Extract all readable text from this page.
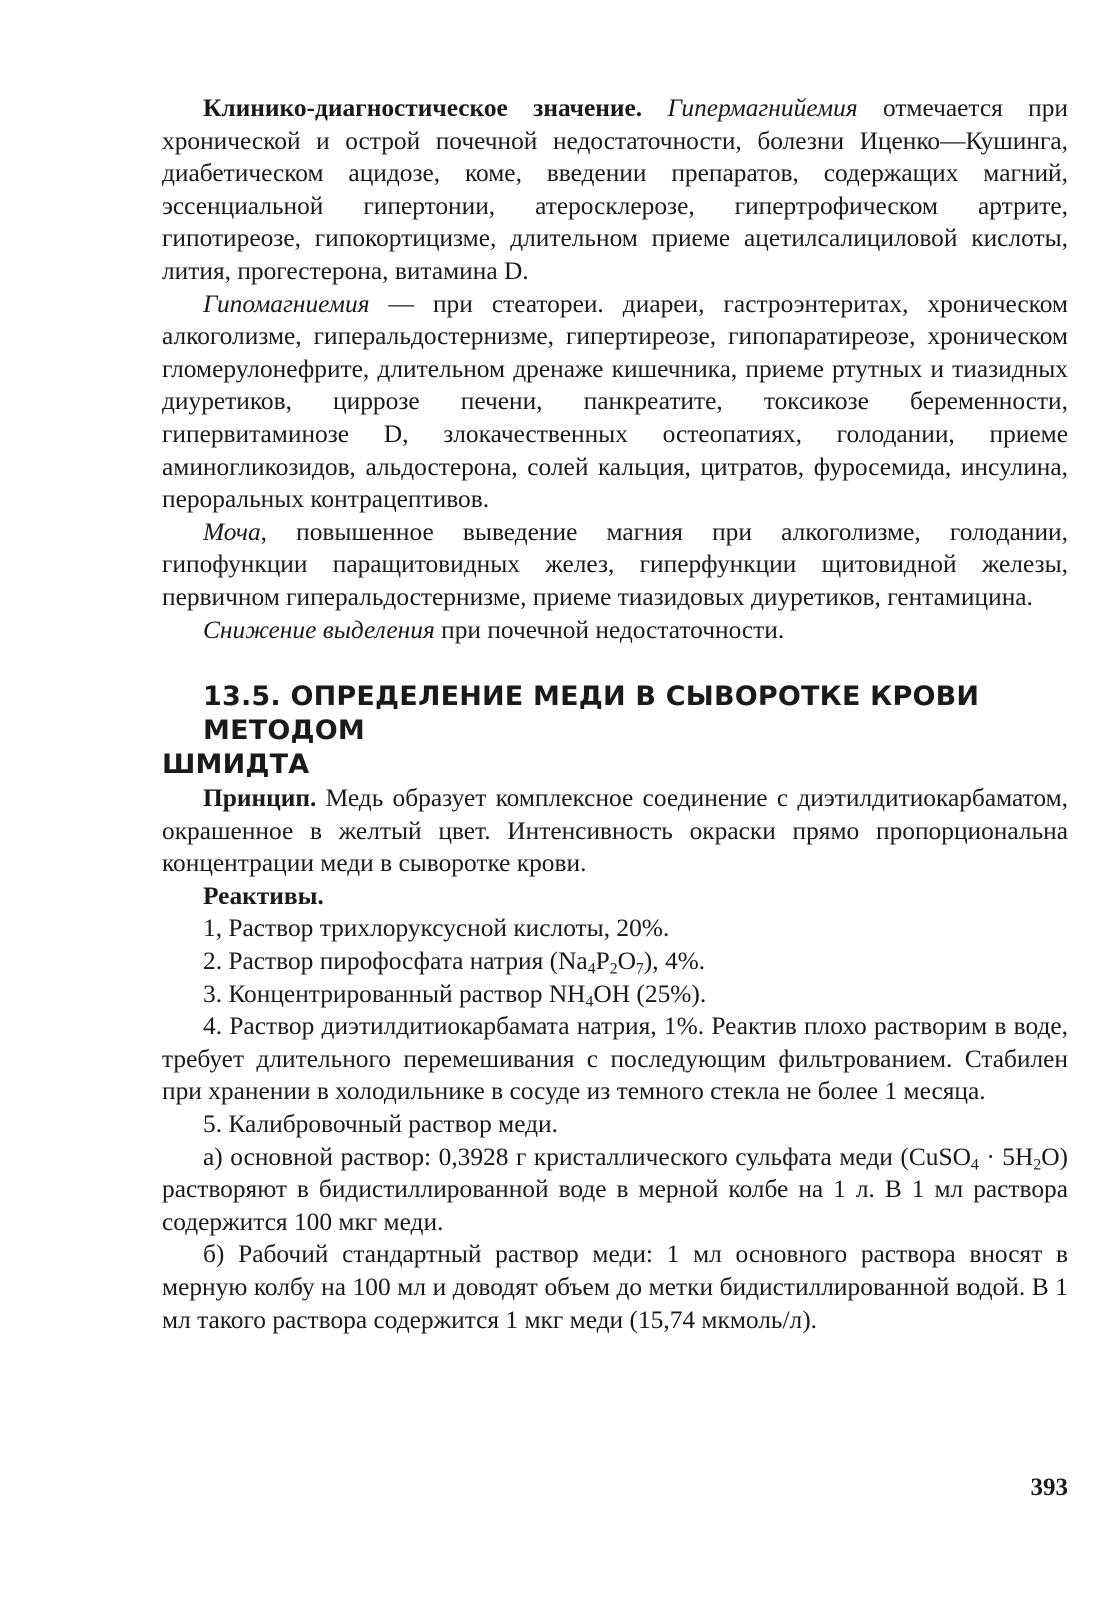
Клинико-диагностическое значение. Гипермагнийемия отмечается при хронической и острой почечной недостаточности, болезни Иценко—Кушинга, диабетическом ацидозе, коме, введении препаратов, содержащих магний, эссенциальной гипертонии, атеросклерозе, гипертрофическом артрите, гипотиреозе, гипокортицизме, длительном приеме ацетилсалициловой кислоты, лития, прогестерона, витамина D.

Гипомагниемия — при стеатореи. диареи, гастроэнтеритах, хроническом алкоголизме, гиперальдостернизме, гипертиреозе, гипопаратиреозе, хроническом гломерулонефрите, длительном дренаже кишечника, приеме ртутных и тиазидных диуретиков, циррозе печени, панкреатите, токсикозе беременности, гипервитаминозе D, злокачественных остеопатиях, голодании, приеме аминогликозидов, альдостерона, солей кальция, цитратов, фуросемида, инсулина, пероральных контрацептивов.

Моча, повышенное выведение магния при алкоголизме, голодании, гипофункции паращитовидных желез, гиперфункции щитовидной железы, первичном гиперальдостернизме, приеме тиазидовых диуретиков, гентамицина.

Снижение выделения при почечной недостаточности.

13.5. ОПРЕДЕЛЕНИЕ МЕДИ В СЫВОРОТКЕ КРОВИ МЕТОДОМ
ШМИДТА

Принцип. Медь образует комплексное соединение с диэтилдитиокарбаматом, окрашенное в желтый цвет. Интенсивность окраски прямо пропорциональна концентрации меди в сыворотке крови.

Реактивы.

1, Раствор трихлоруксусной кислоты, 20%.

2. Раствор пирофосфата натрия $(Na_4P_2O_7)$, 4%.

3. Концентрированный раствор $NH_4OH$ (25%).

4. Раствор диэтилдитиокарбамата натрия, 1%. Реактив плохо растворим в воде, требует длительного перемешивания с последующим фильтрованием. Стабилен при хранении в холодильнике в сосуде из темного стекла не более 1 месяца.

5. Калибровочный раствор меди.

а) основной раствор: 0,3928 г кристаллического сульфата меди (CuSO$_4$ · $5H_2O$) растворяют в бидистиллированной воде в мерной колбе на 1 л. В 1 мл раствора содержится 100 мкг меди.

б) Рабочий стандартный раствор меди: 1 мл основного раствора вносят в мерную колбу на 100 мл и доводят объем до метки бидистиллированной водой. В 1 мл такого раствора содержится 1 мкг меди (15,74 мкмоль/л).

393
